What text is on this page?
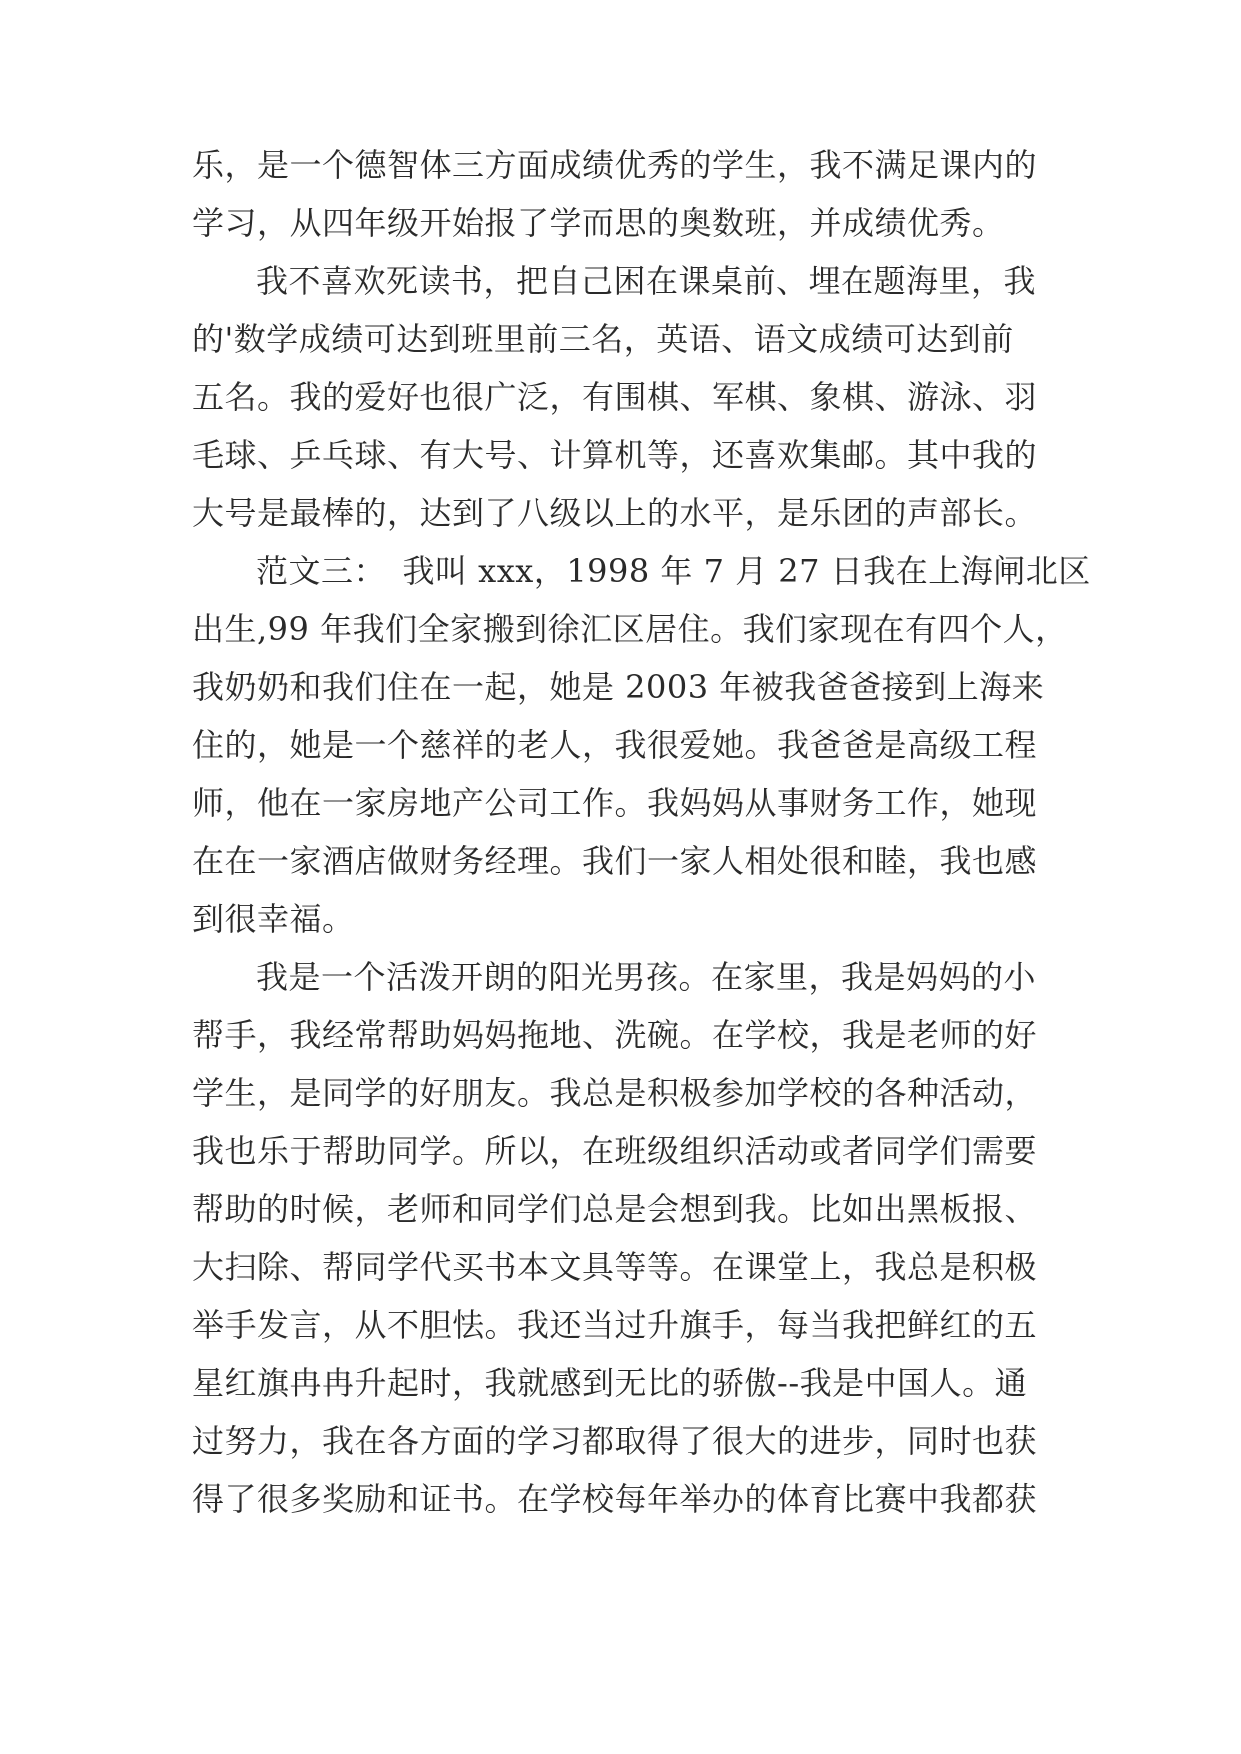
乐，是一个德智体三方面成绩优秀的学生，我不满足课内的
学习，从四年级开始报了学而思的奥数班，并成绩优秀。
我不喜欢死读书，把自己困在课桌前、埋在题海里，我
的'数学成绩可达到班里前三名，英语、语文成绩可达到前
五名。我的爱好也很广泛，有围棋、军棋、象棋、游泳、羽
毛球、乒乓球、有大号、计算机等，还喜欢集邮。其中我的
大号是最棒的，达到了八级以上的水平，是乐团的声部长。
范文三：　我叫 xxx，1998 年 7 月 27 日我在上海闸北区
出生,99 年我们全家搬到徐汇区居住。我们家现在有四个人，
我奶奶和我们住在一起，她是 2003 年被我爸爸接到上海来
住的，她是一个慈祥的老人，我很爱她。我爸爸是高级工程
师，他在一家房地产公司工作。我妈妈从事财务工作，她现
在在一家酒店做财务经理。我们一家人相处很和睦，我也感
到很幸福。
我是一个活泼开朗的阳光男孩。在家里，我是妈妈的小
帮手，我经常帮助妈妈拖地、洗碗。在学校，我是老师的好
学生，是同学的好朋友。我总是积极参加学校的各种活动，
我也乐于帮助同学。所以，在班级组织活动或者同学们需要
帮助的时候，老师和同学们总是会想到我。比如出黑板报、
大扫除、帮同学代买书本文具等等。在课堂上，我总是积极
举手发言，从不胆怯。我还当过升旗手，每当我把鲜红的五
星红旗冉冉升起时，我就感到无比的骄傲--我是中国人。通
过努力，我在各方面的学习都取得了很大的进步，同时也获
得了很多奖励和证书。在学校每年举办的体育比赛中我都获
